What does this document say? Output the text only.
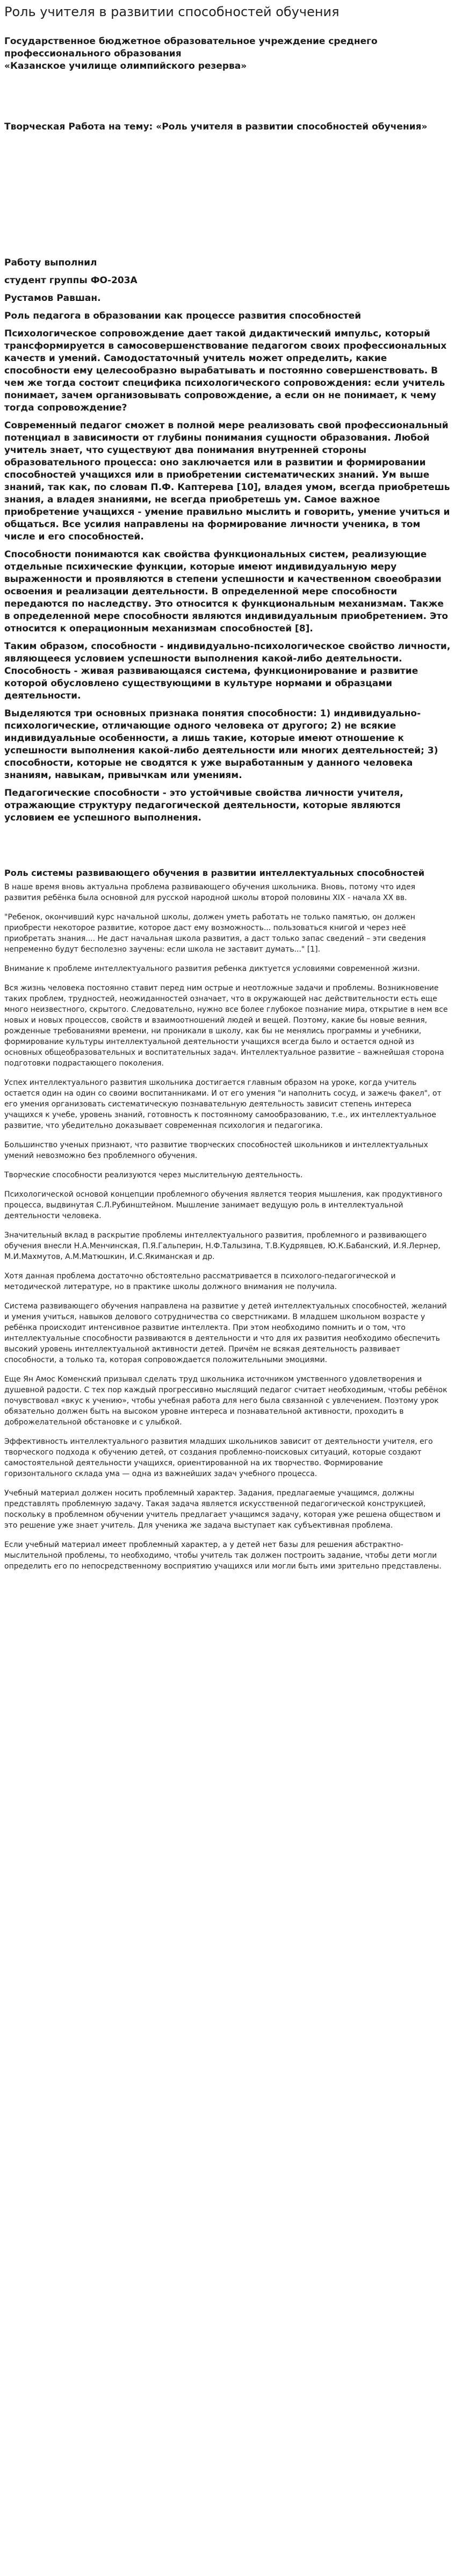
Роль учителя в развитии способностей обучения
Государственное бюджетное образовательное учреждение среднего профессионального образования
«Казанское училище олимпийского резерва»
Творческая Работа на тему: «Роль учителя в развитии способностей обучения»
Работу выполнил
студент группы ФО-203А
Рустамов Равшан.
Роль педагога в образовании как процессе развития способностей
Психологическое сопровождение дает такой дидактический импульс, который трансформируется в самосовершенствование педагогом своих профессиональных качеств и умений. Самодостаточный учитель может определить, какие способности ему целесообразно вырабатывать и постоянно совершенствовать. В чем же тогда состоит специфика психологического сопровождения: если учитель понимает, зачем организовывать сопровождение, а если он не понимает, к чему тогда сопровождение?
Современный педагог сможет в полной мере реализовать свой профессиональный потенциал в зависимости от глубины понимания сущности образования. Любой учитель знает, что существуют два понимания внутренней стороны образовательного процесса: оно заключается или в развитии и формировании способностей учащихся или в приобретении систематических знаний. Ум выше знаний, так как, по словам П.Ф. Каптерева [10], владея умом, всегда приобретешь знания, а владея знаниями, не всегда приобретешь ум. Самое важное приобретение учащихся - умение правильно мыслить и говорить, умение учиться и общаться. Все усилия направлены на формирование личности ученика, в том числе и его способностей.
Способности понимаются как свойства функциональных систем, реализующие отдельные психические функции, которые имеют индивидуальную меру выраженности и проявляются в степени успешности и качественном своеобразии освоения и реализации деятельности. В определенной мере способности передаются по наследству. Это относится к функциональным механизмам. Также в определенной мере способности являются индивидуальным приобретением. Это относится к операционным механизмам способностей [8].
Таким образом, способности - индивидуально-психологическое свойство личности, являющееся условием успешности выполнения какой-либо деятельности. Способность - живая развивающаяся система, функционирование и развитие которой обусловлено существующими в культуре нормами и образцами деятельности.
Выделяются три основных признака понятия способности: 1) индивидуально-психологические, отличающие одного человека от другого; 2) не всякие индивидуальные особенности, а лишь такие, которые имеют отношение к успешности выполнения какой-либо деятельности или многих деятельностей; 3) способности, которые не сводятся к уже выработанным у данного человека знаниям, навыкам, привычкам или умениям.
Педагогические способности - это устойчивые свойства личности учителя, отражающие структуру педагогической деятельности, которые являются условием ее успешного выполнения.
Роль системы развивающего обучения в развитии интеллектуальных способностей
В наше время вновь актуальна проблема развивающего обучения школьника. Вновь, потому что идея развития ребёнка была основной для русской народной школы второй половины XIX - начала XX вв.
"Ребенок, окончивший курс начальной школы, должен уметь работать не только памятью, он должен приобрести некоторое развитие, которое даст ему возможность... пользоваться книгой и через неё приобретать знания.... Не даст начальная школа развития, а даст только запас сведений – эти сведения непременно будут бесполезно заучены: если школа не заставит думать..." [1].
Внимание к проблеме интеллектуального развития ребенка диктуется условиями современной жизни.
Вся жизнь человека постоянно ставит перед ним острые и неотложные задачи и проблемы. Возникновение таких проблем, трудностей, неожиданностей означает, что в окружающей нас действительности есть еще много неизвестного, скрытого. Следовательно, нужно все более глубокое познание мира, открытие в нем все новых и новых процессов, свойств и взаимоотношений людей и вещей. Поэтому, какие бы новые веяния, рожденные требованиями времени, ни проникали в школу, как бы не менялись программы и учебники, формирование культуры интеллектуальной деятельности учащихся всегда было и остается одной из основных общеобразовательных и воспитательных задач. Интеллектуальное развитие – важнейшая сторона подготовки подрастающего поколения.
Успех интеллектуального развития школьника достигается главным образом на уроке, когда учитель остается один на один со своими воспитанниками. И от его умения "и наполнить сосуд, и зажечь факел", от его умения организовать систематическую познавательную деятельность зависит степень интереса учащихся к учебе, уровень знаний, готовность к постоянному самообразованию, т.е., их интеллектуальное развитие, что убедительно доказывает современная психология и педагогика.
Большинство ученых признают, что развитие творческих способностей школьников и интеллектуальных умений невозможно без проблемного обучения.
Творческие способности реализуются через мыслительную деятельность.
Психологической основой концепции проблемного обучения является теория мышления, как продуктивного процесса, выдвинутая С.Л.Рубинштейном. Мышление занимает ведущую роль в интеллектуальной деятельности человека.
Значительный вклад в раскрытие проблемы интеллектуального развития, проблемного и развивающего обучения внесли Н.А.Менчинская, П.Я.Гальперин, Н.Ф.Талызина, Т.В.Кудрявцев, Ю.К.Бабанский, И.Я.Лернер, М.И.Махмутов, А.М.Матюшкин, И.С.Якиманская и др.
Хотя данная проблема достаточно обстоятельно рассматривается в психолого-педагогической и методической литературе, но в практике школы должного внимания не получила.
Система развивающего обучения направлена на развитие у детей интеллектуальных способностей, желаний и умения учиться, навыков делового сотрудничества со сверстниками. В младшем школьном возрасте у ребёнка происходит интенсивное развитие интеллекта. При этом необходимо помнить и о том, что интеллектуальные способности развиваются в деятельности и что для их развития необходимо обеспечить высокий уровень интеллектуальной активности детей. Причём не всякая деятельность развивает способности, а только та, которая сопровождается положительными эмоциями.
Еще Ян Амос Коменский призывал сделать труд школьника источником умственного удовлетворения и душевной радости. С тех пор каждый прогрессивно мыслящий педагог считает необходимым, чтобы ребёнок почувствовал «вкус к учению», чтобы учебная работа для него была связанной с увлечением. Поэтому урок обязательно должен быть на высоком уровне интереса и познавательной активности, проходить в доброжелательной обстановке и с улыбкой.
Эффективность интеллектуального развития младших школьников зависит от деятельности учителя, его творческого подхода к обучению детей, от создания проблемно-поисковых ситуаций, которые создают самостоятельной деятельности учащихся, ориентированной на их творчество. Формирование горизонтального склада ума — одна из важнейших задач учебного процесса.
Учебный материал должен носить проблемный характер. Задания, предлагаемые учащимся, должны представлять проблемную задачу. Такая задача является искусственной педагогической конструкцией, поскольку в проблемном обучении учитель предлагает учащимся задачу, которая уже решена обществом и это решение уже знает учитель. Для ученика же задача выступает как субъективная проблема.
Если учебный материал имеет проблемный характер, а у детей нет базы для решения абстрактно-мыслительной проблемы, то необходимо, чтобы учитель так должен построить задание, чтобы дети могли определить его по непосредственному восприятию учащихся или могли быть ими зрительно представлены.
